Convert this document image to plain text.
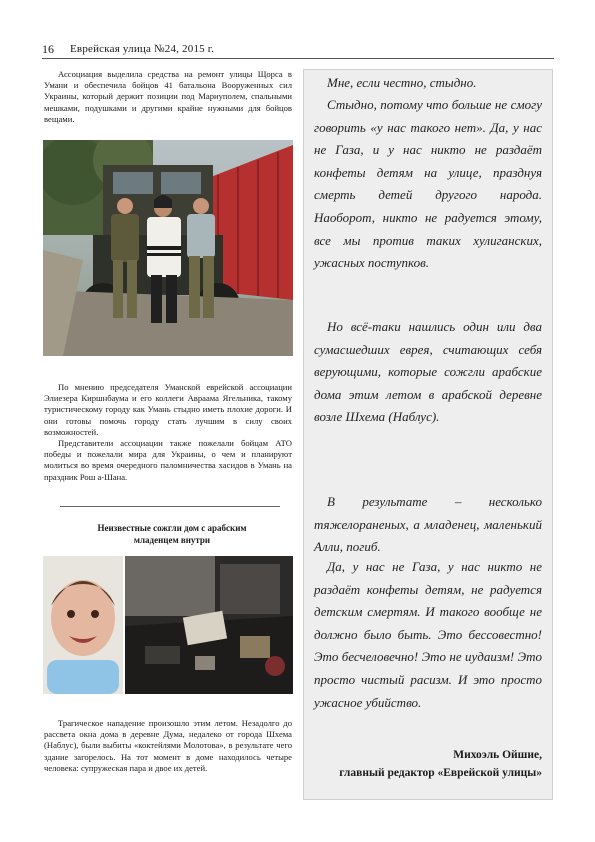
16 Еврейская улица №24, 2015 г.
Ассоциация выделила средства на ремонт улицы Щорса в Умани и обеспечила бойцов 41 батальона Вооруженных сил Украины, который держит позиции под Мариуполем, спальными мешками, подушками и другими крайне нужными для бойцов вещами.
По мнению председателя Уманской еврейской ассоциации Элиезера Киршнбаума и его коллеги Авраама Ягельника, такому туристическому городу как Умань стыдно иметь плохие дороги. И они готовы помочь городу стать лучшим в силу своих возможностей.
Представители ассоциации также пожелали бойцам АТО победы и пожелали мира для Украины, о чем и планируют молиться во время очередного паломничества хасидов в Умань на праздник Рош а-Шана.
Неизвестные сожгли дом с арабским
младенцем внутри
Трагическое нападение произошло этим летом. Незадолго до рассвета окна дома в деревне Дума, недалеко от города Шхема (Наблус), были выбиты «коктейлями Молотова», в результате чего здание загорелось. На тот момент в доме находилось четыре человека: супружеская пара и двое их детей.
Мне, если честно, стыдно.
Стыдно, потому что больше не смогу говорить «у нас такого нет». Да, у нас не Газа, и у нас никто не раздаёт конфеты детям на улице, празднуя смерть детей другого народа. Наоборот, никто не радуется этому, все мы против таких хулиганских, ужасных поступков.
Но всё-таки нашлись один или два сумасшедших еврея, считающих себя верующими, которые сожгли арабские дома этим летом в арабской деревне возле Шхема (Наблус).
В результате – несколько тяжелораненых, а младенец, маленький Алли, погиб.
Да, у нас не Газа, у нас никто не раздаёт конфеты детям, не радуется детским смертям. И такого вообще не должно было быть. Это бессовестно! Это бесчеловечно! Это не иудаизм! Это просто чистый расизм. И это просто ужасное убийство.
Михоэль Ойшие,
главный редактор «Еврейской улицы»
